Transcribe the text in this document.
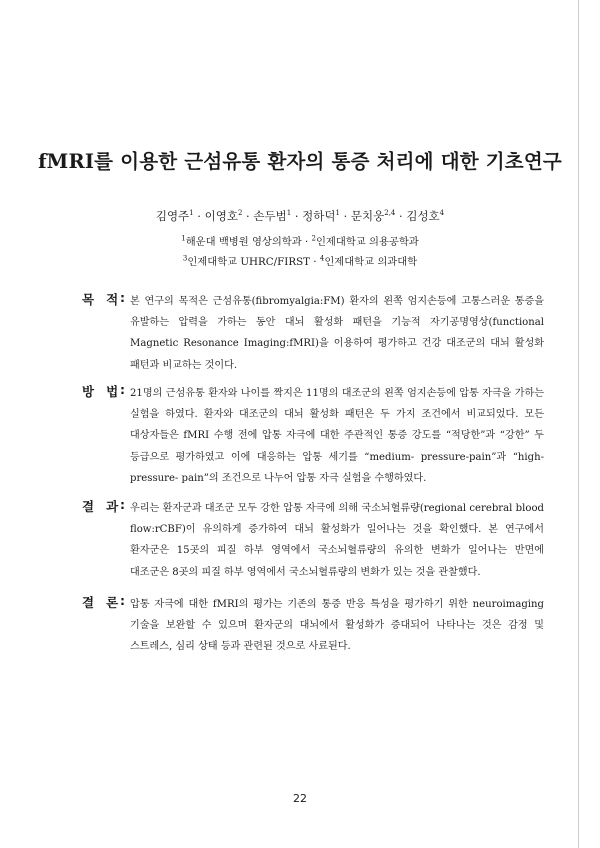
fMRI를 이용한 근섬유통 환자의 통증 처리에 대한 기초연구
김영주$^1$ · 이영호$^2$ · 손두범$^1$ · 정하덕$^1$ · 문치웅$^{2,4}$ · 김성호$^4$
$^1$해운대 백병원 영상의학과 · $^2$인제대학교 의용공학과
$^3$인제대학교 UHRC/FIRST · $^4$인제대학교 의과대학
목적 : 본 연구의 목적은 근섬유통(fibromyalgia:FM) 환자의 왼쪽 엄지손등에 고통스러운 통증을 유발하는 압력을 가하는 동안 대뇌 활성화 패턴을 기능적 자기공명영상(functional Magnetic Resonance Imaging:fMRI)을 이용하여 평가하고 건강 대조군의 대뇌 활성화 패턴과 비교하는 것이다.
방법 : 21명의 근섬유통 환자와 나이를 짝지은 11명의 대조군의 왼쪽 엄지손등에 압통 자극을 가하는 실험을 하였다. 환자와 대조군의 대뇌 활성화 패턴은 두 가지 조건에서 비교되었다. 모든 대상자들은 fMRI 수행 전에 압통 자극에 대한 주관적인 통증 강도를 “적당한”과 “강한” 두 등급으로 평가하였고 이에 대응하는 압통 세기를 “medium- pressure-pain”과 “high-pressure- pain”의 조건으로 나누어 압통 자극 실험을 수행하였다.
결과 : 우리는 환자군과 대조군 모두 강한 압통 자극에 의해 국소뇌혈류량(regional cerebral blood flow:rCBF)이 유의하게 증가하여 대뇌 활성화가 일어나는 것을 확인했다. 본 연구에서 환자군은 15곳의 피질 하부 영역에서 국소뇌혈류량의 유의한 변화가 일어나는 반면에 대조군은 8곳의 피질 하부 영역에서 국소뇌혈류량의 변화가 있는 것을 관찰했다.
결론 : 압통 자극에 대한 fMRI의 평가는 기존의 통증 반응 특성을 평가하기 위한 neuroimaging 기술을 보완할 수 있으며 환자군의 대뇌에서 활성화가 증대되어 나타나는 것은 감정 및 스트레스, 심리 상태 등과 관련된 것으로 사료된다.
22
